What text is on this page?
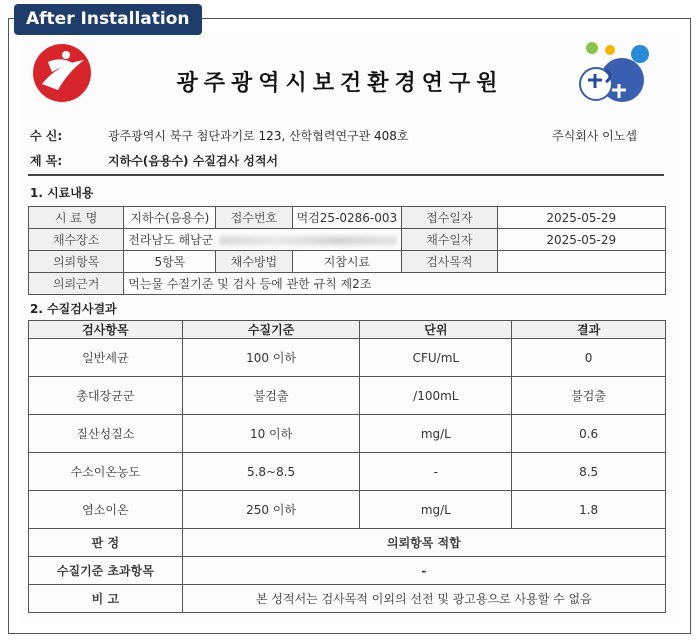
After Installation
광주광역시보건환경연구원
수 신:	광주광역시 북구 첨단과기로 123, 산학협력연구관 408호	주식회사 이노셉
제 목:	지하수(음용수) 수질검사 성적서
1. 시료내용
시 료 명	지하수(음용수)	접수번호	먹검25-0286-003	접수일자	2025-05-29
채수장소	전라남도 해남군			채수일자	2025-05-29
의뢰항목	5항목	채수방법	지참시료	검사목적	
의뢰근거	먹는물 수질기준 및 검사 등에 관한 규칙 제2조				
2. 수질검사결과
검사항목	수질기준	단위	결과
일반세균	100 이하	CFU/mL	0
총대장균군	불검출	/100mL	불검출
질산성질소	10 이하	mg/L	0.6
수소이온농도	5.8~8.5	-	8.5
염소이온	250 이하	mg/L	1.8
판 정	의뢰항목 적합		
수질기준 초과항목	-		
비 고	본 성적서는 검사목적 이외의 선전 및 광고용으로 사용할 수 없음		
